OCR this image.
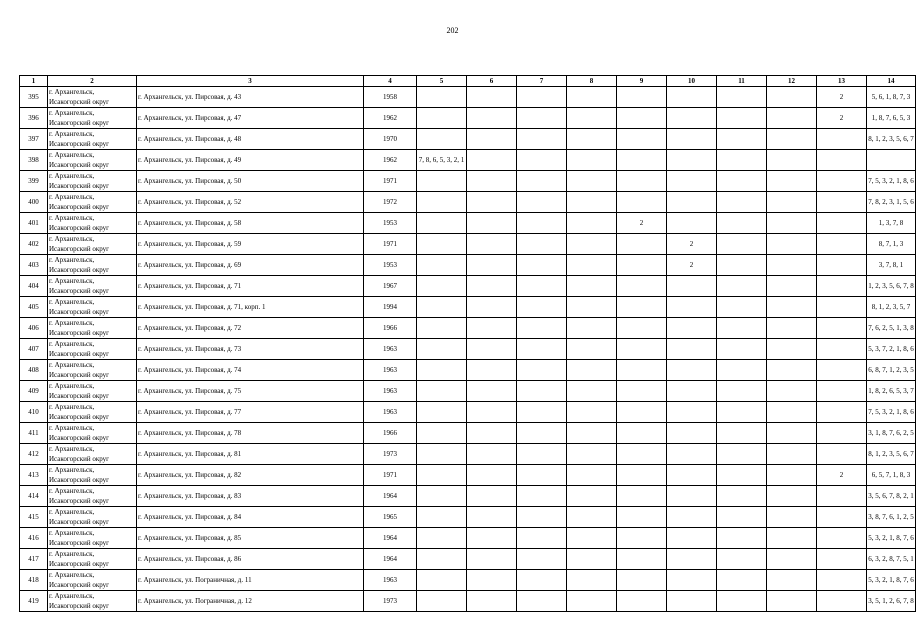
202
1	2	3	4	5	6	7	8	9	10	11	12	13	14
395	г. Архангельск,
Исакогорский округ	г. Архангельск, ул. Пирсовая, д. 43	1958									2	5, 6, 1, 8, 7, 3

396	г. Архангельск,
Исакогорский округ	г. Архангельск, ул. Пирсовая, д. 47	1962									2	1, 8, 7, 6, 5, 3

397	г. Архангельск,
Исакогорский округ	г. Архангельск, ул. Пирсовая, д. 48	1970										8, 1, 2, 3, 5, 6, 7

398	г. Архангельск,
Исакогорский округ	г. Архангельск, ул. Пирсовая, д. 49	1962	7, 8, 6, 5, 3, 2, 1									

399	г. Архангельск,
Исакогорский округ	г. Архангельск, ул. Пирсовая, д. 50	1971										7, 5, 3, 2, 1, 8, 6

400	г. Архангельск,
Исакогорский округ	г. Архангельск, ул. Пирсовая, д. 52	1972										7, 8, 2, 3, 1, 5, 6

401	г. Архангельск,
Исакогорский округ	г. Архангельск, ул. Пирсовая, д. 58	1953					2					1, 3, 7, 8

402	г. Архангельск,
Исакогорский округ	г. Архангельск, ул. Пирсовая, д. 59	1971						2				8, 7, 1, 3

403	г. Архангельск,
Исакогорский округ	г. Архангельск, ул. Пирсовая, д. 69	1953						2				3, 7, 8, 1

404	г. Архангельск,
Исакогорский округ	г. Архангельск, ул. Пирсовая, д. 71	1967										1, 2, 3, 5, 6, 7, 8

405	г. Архангельск,
Исакогорский округ	г. Архангельск, ул. Пирсовая, д. 71, корп. 1	1994										8, 1, 2, 3, 5, 7

406	г. Архангельск,
Исакогорский округ	г. Архангельск, ул. Пирсовая, д. 72	1966										7, 6, 2, 5, 1, 3, 8

407	г. Архангельск,
Исакогорский округ	г. Архангельск, ул. Пирсовая, д. 73	1963										5, 3, 7, 2, 1, 8, 6

408	г. Архангельск,
Исакогорский округ	г. Архангельск, ул. Пирсовая, д. 74	1963										6, 8, 7, 1, 2, 3, 5

409	г. Архангельск,
Исакогорский округ	г. Архангельск, ул. Пирсовая, д. 75	1963										1, 8, 2, 6, 5, 3, 7

410	г. Архангельск,
Исакогорский округ	г. Архангельск, ул. Пирсовая, д. 77	1963										7, 5, 3, 2, 1, 8, 6

411	г. Архангельск,
Исакогорский округ	г. Архангельск, ул. Пирсовая, д. 78	1966										3, 1, 8, 7, 6, 2, 5

412	г. Архангельск,
Исакогорский округ	г. Архангельск, ул. Пирсовая, д. 81	1973										8, 1, 2, 3, 5, 6, 7

413	г. Архангельск,
Исакогорский округ	г. Архангельск, ул. Пирсовая, д. 82	1971									2	6, 5, 7, 1, 8, 3

414	г. Архангельск,
Исакогорский округ	г. Архангельск, ул. Пирсовая, д. 83	1964										3, 5, 6, 7, 8, 2, 1

415	г. Архангельск,
Исакогорский округ	г. Архангельск, ул. Пирсовая, д. 84	1965										3, 8, 7, 6, 1, 2, 5

416	г. Архангельск,
Исакогорский округ	г. Архангельск, ул. Пирсовая, д. 85	1964										5, 3, 2, 1, 8, 7, 6

417	г. Архангельск,
Исакогорский округ	г. Архангельск, ул. Пирсовая, д. 86	1964										6, 3, 2, 8, 7, 5, 1

418	г. Архангельск,
Исакогорский округ	г. Архангельск, ул. Пограничная, д. 11	1963										5, 3, 2, 1, 8, 7, 6

419	г. Архангельск,
Исакогорский округ	г. Архангельск, ул. Пограничная, д. 12	1973										3, 5, 1, 2, 6, 7, 8
